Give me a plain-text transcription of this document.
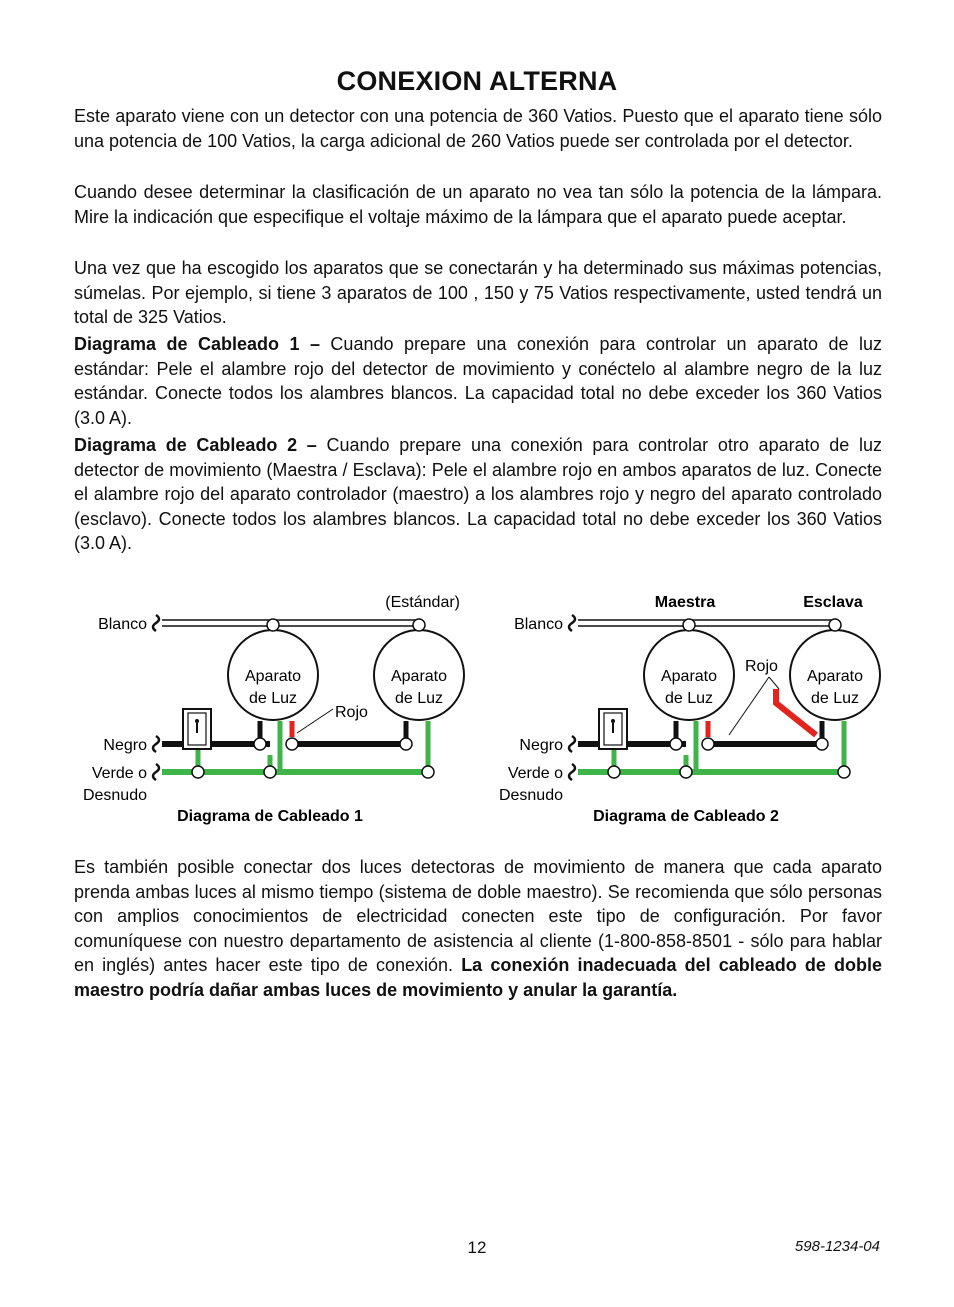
CONEXION ALTERNA

Este aparato viene con un detector con una potencia de 360 Vatios. Puesto que el aparato tiene sólo una potencia de 100 Vatios, la carga adicional de 260 Vatios puede ser controlada por el detector.

Cuando desee determinar la clasificación de un aparato no vea tan sólo la potencia de la lámpara. Mire la indicación que especifique el voltaje máximo de la lámpara que el aparato puede aceptar.

Una vez que ha escogido los aparatos que se conectarán y ha determinado sus máximas potencias, súmelas. Por ejemplo, si tiene 3 aparatos de 100 , 150 y 75 Vatios respectivamente, usted tendrá un total de 325 Vatios.

Diagrama de Cableado 1 – Cuando prepare una conexión para controlar un aparato de luz estándar: Pele el alambre rojo del detector de movimiento y conéctelo al alambre negro de la luz estándar. Conecte todos los alambres blancos. La capacidad total no debe exceder los 360 Vatios (3.0 A).

Diagrama de Cableado 2 – Cuando prepare una conexión para controlar otro aparato de luz detector de movimiento (Maestra / Esclava): Pele el alambre rojo en ambos aparatos de luz. Conecte el alambre rojo del aparato controlador (maestro) a los alambres rojo y negro del aparato controlado (esclavo). Conecte todos los alambres blancos. La capacidad total no debe exceder los 360 Vatios (3.0 A).

Blanco
Negro
Verde o
Desnudo
(Estándar)
Aparato
de Luz
Aparato
de Luz
Rojo
Diagrama de Cableado 1
Blanco
Negro
Verde o
Desnudo
Maestra	Esclava
Aparato
de Luz
Aparato
de Luz
Rojo
Diagrama de Cableado 2

Es también posible conectar dos luces detectoras de movimiento de manera que cada aparato prenda ambas luces al mismo tiempo (sistema de doble maestro). Se recomienda que sólo personas con amplios conocimientos de electricidad conecten este tipo de configuración. Por favor comuníquese con nuestro departamento de asistencia al cliente (1-800-858-8501 - sólo para hablar en inglés) antes hacer este tipo de conexión. La conexión inadecuada del cableado de doble maestro podría dañar ambas luces de movimiento y anular la garantía.

12	598-1234-04
